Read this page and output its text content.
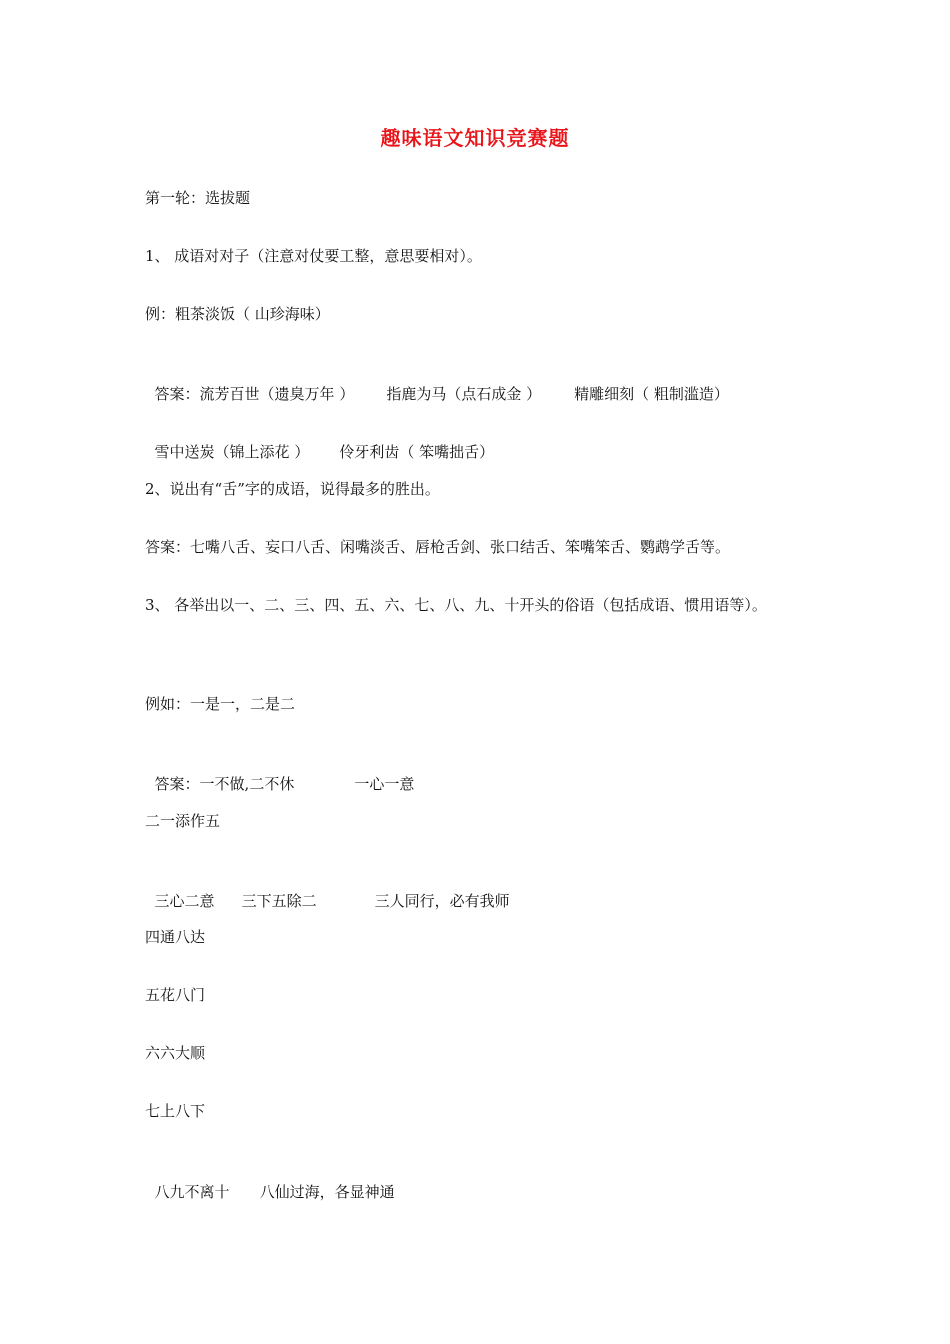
趣味语文知识竞赛题
第一轮：选拔题
1、 成语对对子（注意对仗要工整，意思要相对）。
例：粗茶淡饭（ 山珍海味）

答案：流芳百世（遗臭万年 ） 指鹿为马（点石成金 ） 精雕细刻（ 粗制滥造）

雪中送炭（锦上添花 ） 伶牙利齿（ 笨嘴拙舌）

2、说出有“舌”字的成语，说得最多的胜出。
答案：七嘴八舌、妄口八舌、闲嘴淡舌、唇枪舌剑、张口结舌、笨嘴笨舌、鹦鹉学舌等。
3、 各举出以一、二、三、四、五、六、七、八、九、十开头的俗语（包括成语、惯用语等）。
例如：一是一，二是二

答案：一不做,二不休	一心一意

二一添作五

三心二意 三下五除二	三人同行，必有我师

四通八达
五花八门
六六大顺
七上八下

八九不离十 八仙过海，各显神通
